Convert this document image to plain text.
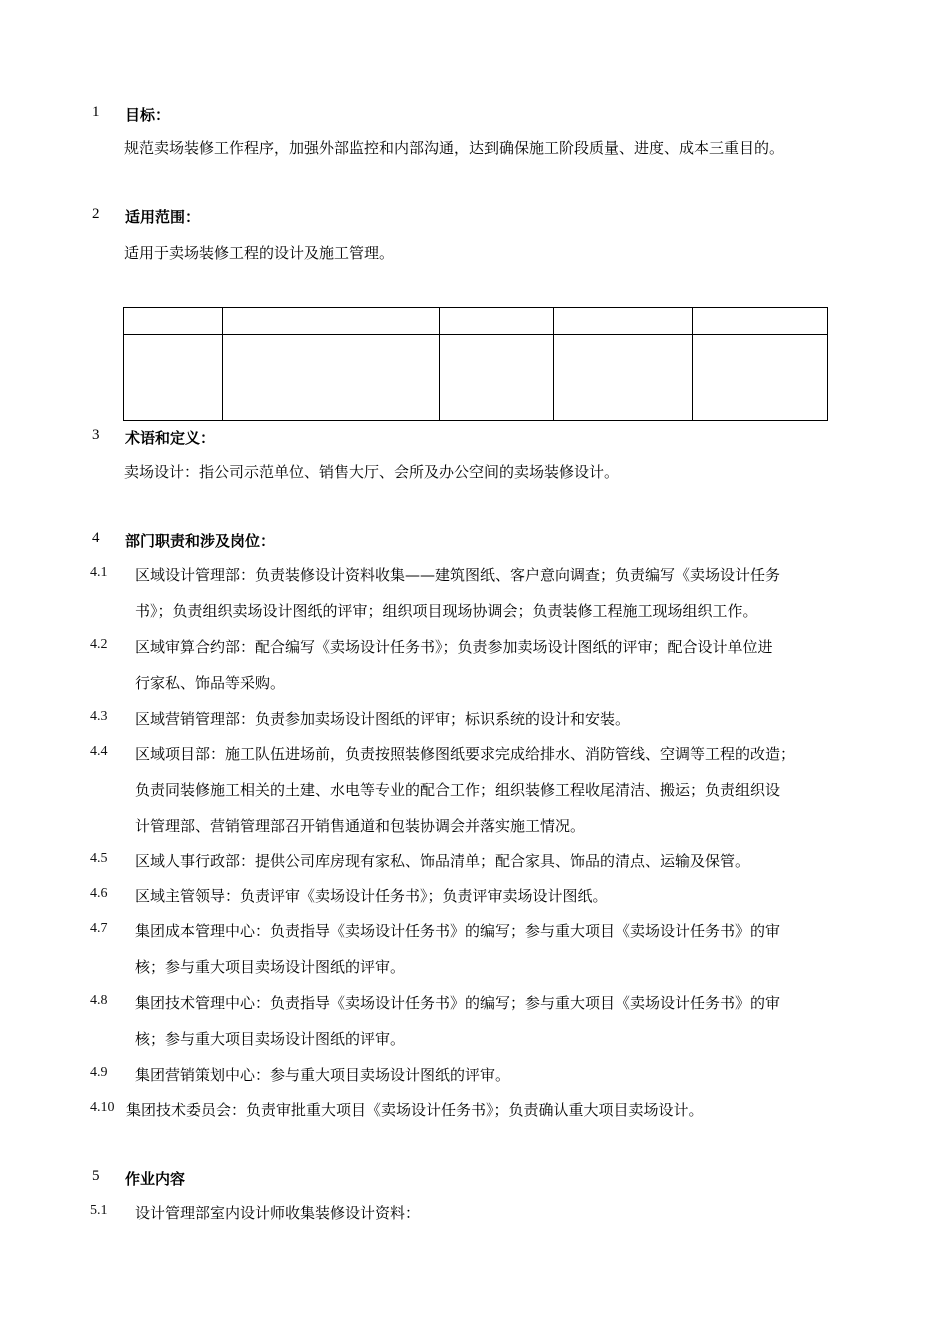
1 目标：
规范卖场装修工作程序，加强外部监控和内部沟通，达到确保施工阶段质量、进度、成本三重目的。
2 适用范围：
适用于卖场装修工程的设计及施工管理。

3 术语和定义：
卖场设计：指公司示范单位、销售大厅、会所及办公空间的卖场装修设计。
4 部门职责和涉及岗位：
4.1 区域设计管理部：负责装修设计资料收集——建筑图纸、客户意向调查；负责编写《卖场设计任务
书》；负责组织卖场设计图纸的评审；组织项目现场协调会；负责装修工程施工现场组织工作。
4.2 区域审算合约部：配合编写《卖场设计任务书》；负责参加卖场设计图纸的评审；配合设计单位进
行家私、饰品等采购。
4.3 区域营销管理部：负责参加卖场设计图纸的评审；标识系统的设计和安装。
4.4 区域项目部：施工队伍进场前，负责按照装修图纸要求完成给排水、消防管线、空调等工程的改造；
负责同装修施工相关的土建、水电等专业的配合工作；组织装修工程收尾清洁、搬运；负责组织设
计管理部、营销管理部召开销售通道和包装协调会并落实施工情况。
4.5 区域人事行政部：提供公司库房现有家私、饰品清单；配合家具、饰品的清点、运输及保管。
4.6 区域主管领导：负责评审《卖场设计任务书》；负责评审卖场设计图纸。
4.7 集团成本管理中心：负责指导《卖场设计任务书》的编写；参与重大项目《卖场设计任务书》的审
核；参与重大项目卖场设计图纸的评审。
4.8 集团技术管理中心：负责指导《卖场设计任务书》的编写；参与重大项目《卖场设计任务书》的审
核；参与重大项目卖场设计图纸的评审。
4.9 集团营销策划中心：参与重大项目卖场设计图纸的评审。
4.10 集团技术委员会：负责审批重大项目《卖场设计任务书》；负责确认重大项目卖场设计。
5 作业内容
5.1 设计管理部室内设计师收集装修设计资料：
